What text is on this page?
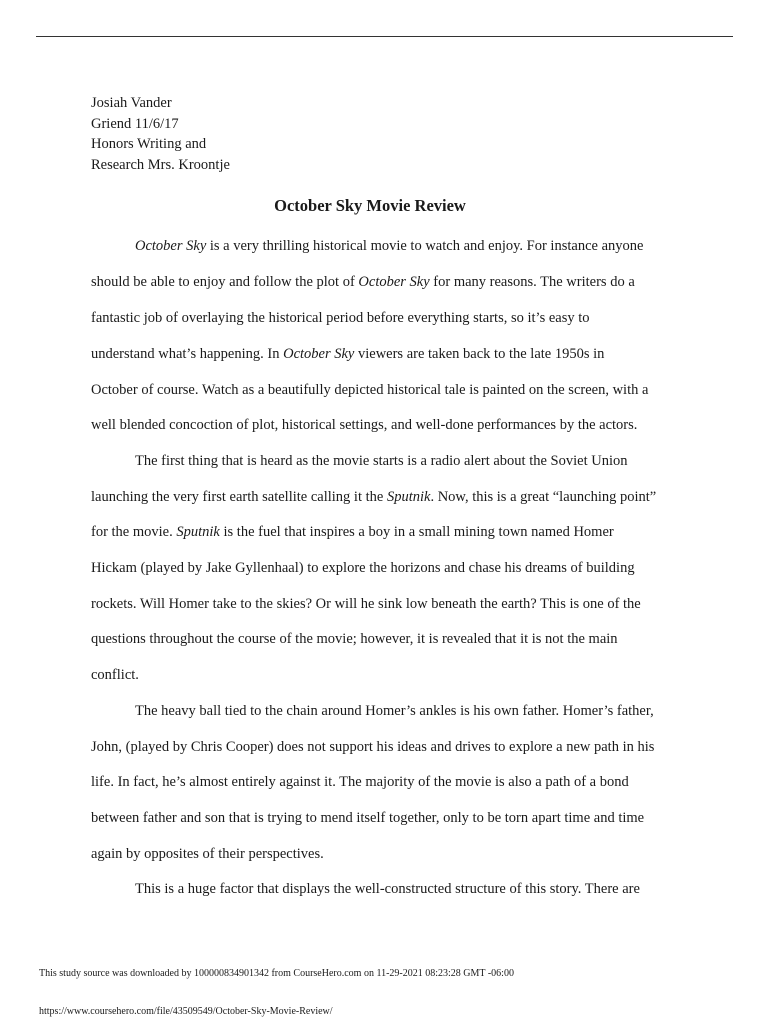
Josiah Vander
Griend 11/6/17
Honors Writing and
Research Mrs. Kroontje
October Sky Movie Review
October Sky is a very thrilling historical movie to watch and enjoy. For instance anyone
should be able to enjoy and follow the plot of October Sky for many reasons. The writers do a
fantastic job of overlaying the historical period before everything starts, so it’s easy to
understand what’s happening. In October Sky viewers are taken back to the late 1950s in
October of course. Watch as a beautifully depicted historical tale is painted on the screen, with a
well blended concoction of plot, historical settings, and well-done performances by the actors.
The first thing that is heard as the movie starts is a radio alert about the Soviet Union
launching the very first earth satellite calling it the Sputnik. Now, this is a great “launching point”
for the movie. Sputnik is the fuel that inspires a boy in a small mining town named Homer
Hickam (played by Jake Gyllenhaal) to explore the horizons and chase his dreams of building
rockets. Will Homer take to the skies? Or will he sink low beneath the earth? This is one of the
questions throughout the course of the movie; however, it is revealed that it is not the main
conflict.
The heavy ball tied to the chain around Homer’s ankles is his own father. Homer’s father,
John, (played by Chris Cooper) does not support his ideas and drives to explore a new path in his
life. In fact, he’s almost entirely against it. The majority of the movie is also a path of a bond
between father and son that is trying to mend itself together, only to be torn apart time and time
again by opposites of their perspectives.
This is a huge factor that displays the well-constructed structure of this story. There are
This study source was downloaded by 100000834901342 from CourseHero.com on 11-29-2021 08:23:28 GMT -06:00
https://www.coursehero.com/file/43509549/October-Sky-Movie-Review/
